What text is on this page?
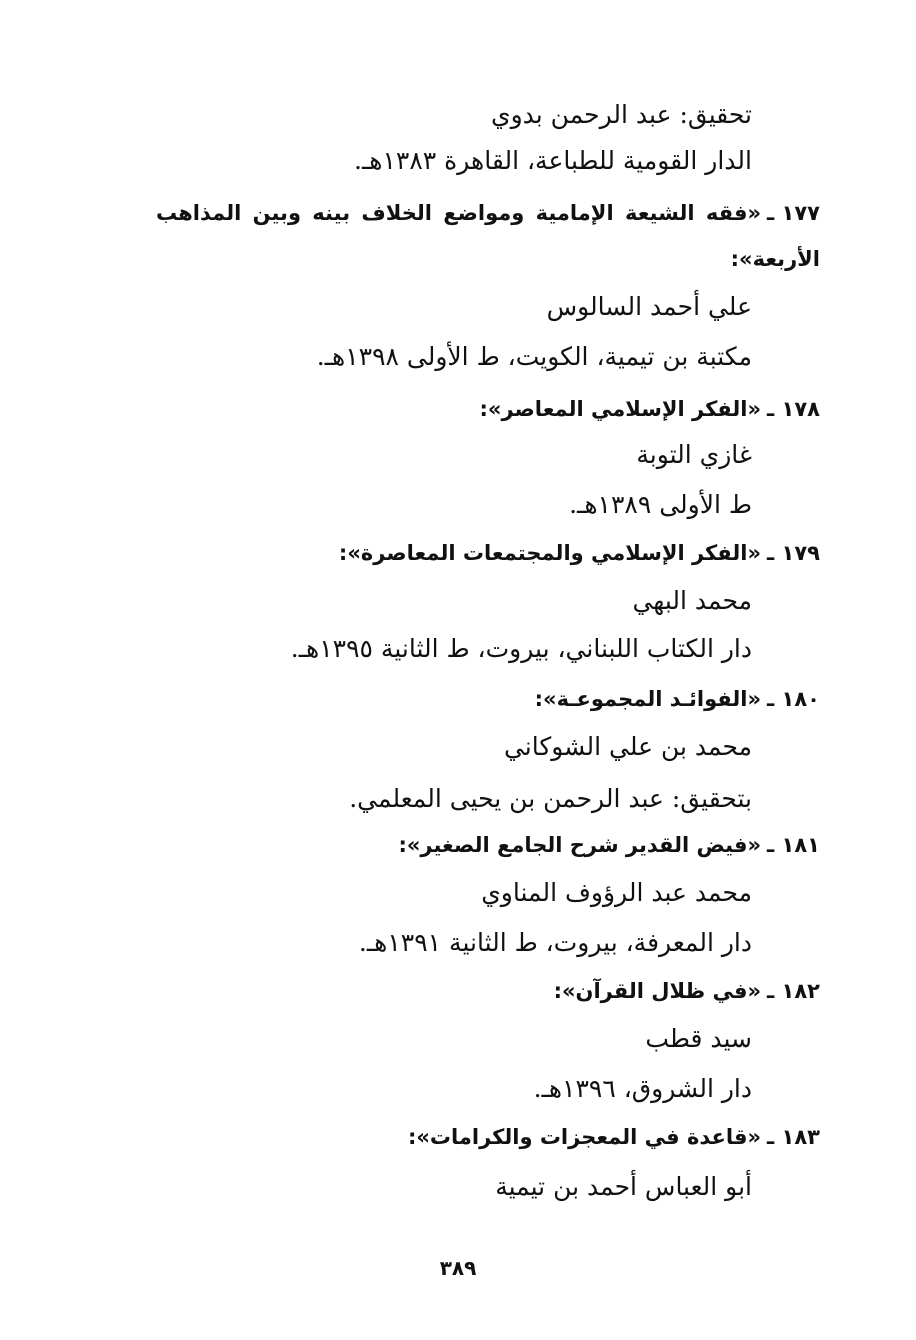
تحقيق: عبد الرحمن بدوي
الدار القومية للطباعة، القاهرة ١٣٨٣هـ.
١٧٧ ـ«فقه الشيعة الإمامية ومواضع الخلاف بينه وبين المذاهب الأربعة»:
علي أحمد السالوس
مكتبة بن تيمية، الكويت، ط الأولى ١٣٩٨هـ.
١٧٨ ـ«الفكر الإسلامي المعاصر»:
غازي التوبة
ط الأولى ١٣٨٩هـ.
١٧٩ ـ«الفكر الإسلامي والمجتمعات المعاصرة»:
محمد البهي
دار الكتاب اللبناني، بيروت، ط الثانية ١٣٩٥هـ.
١٨٠ ـ«الفوائـد المجموعـة»:
محمد بن علي الشوكاني
بتحقيق: عبد الرحمن بن يحيى المعلمي.
١٨١ ـ«فيض القدير شرح الجامع الصغير»:
محمد عبد الرؤوف المناوي
دار المعرفة، بيروت، ط الثانية ١٣٩١هـ.
١٨٢ ـ«في ظلال القرآن»:
سيد قطب
دار الشروق، ١٣٩٦هـ.
١٨٣ ـ«قاعدة في المعجزات والكرامات»:
أبو العباس أحمد بن تيمية
٣٨٩
